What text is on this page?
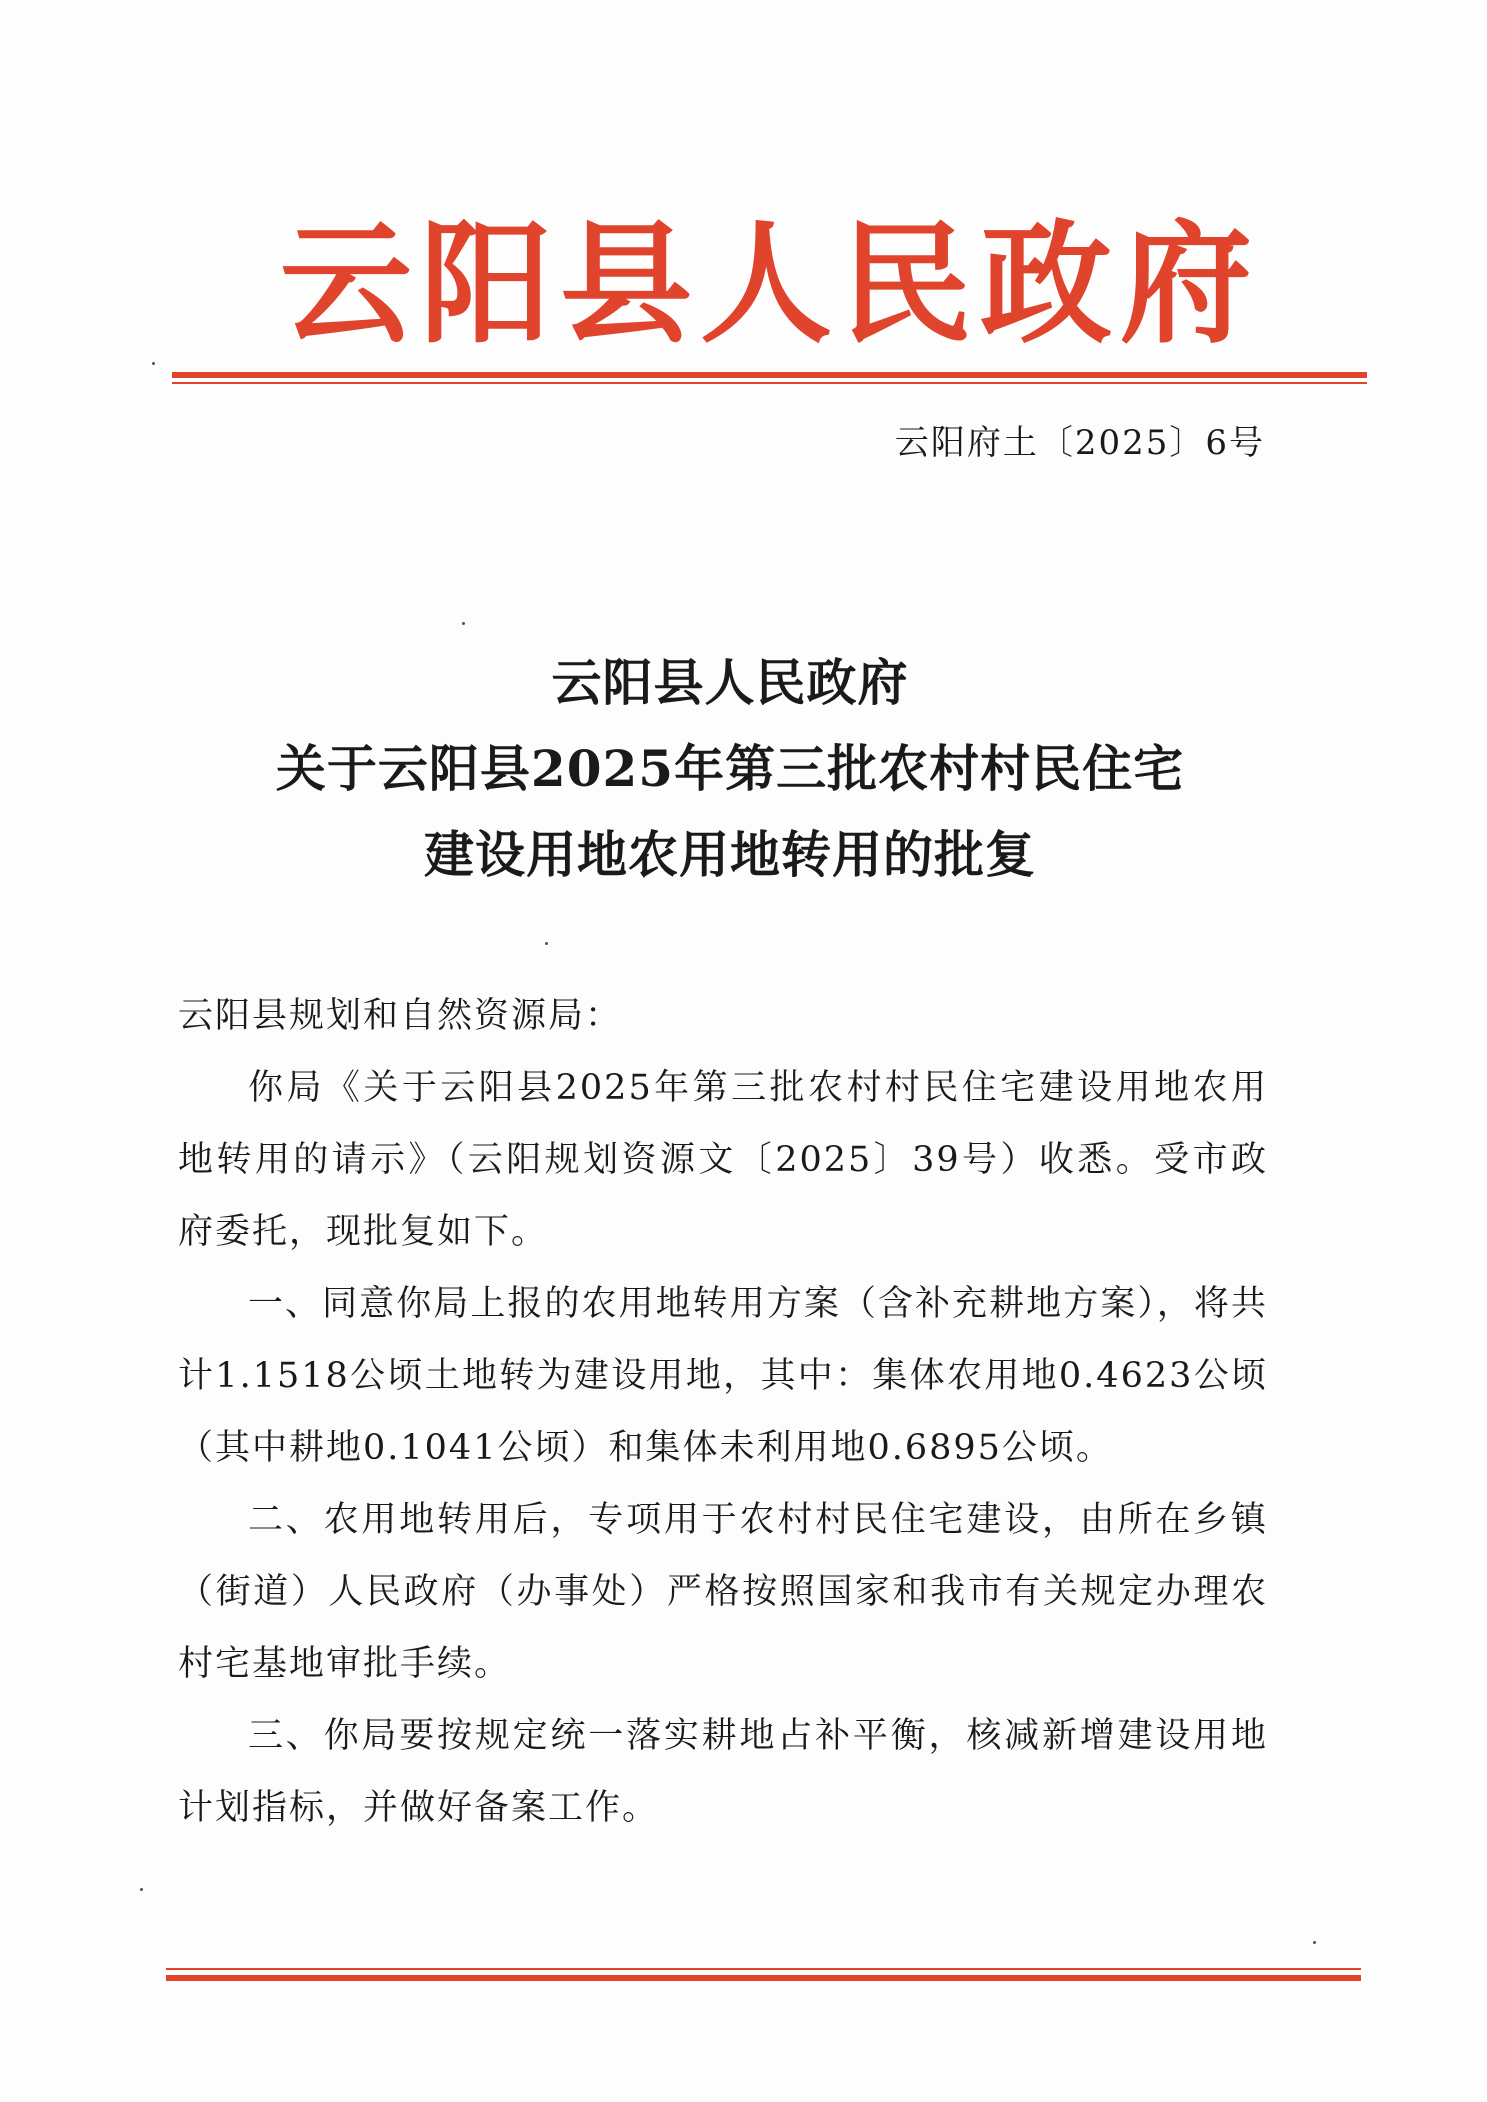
云阳县人民政府
云阳府土〔2025〕6号
云阳县人民政府
关于云阳县2025年第三批农村村民住宅
建设用地农用地转用的批复

云阳县规划和自然资源局：

你局《关于云阳县2025年第三批农村村民住宅建设用地农用地转用的请示》（云阳规划资源文〔2025〕39号）收悉。受市政府委托，现批复如下。

一、同意你局上报的农用地转用方案（含补充耕地方案），将共计1.1518公顷土地转为建设用地，其中：集体农用地0.4623公顷（其中耕地0.1041公顷）和集体未利用地0.6895公顷。

二、农用地转用后，专项用于农村村民住宅建设，由所在乡镇（街道）人民政府（办事处）严格按照国家和我市有关规定办理农村宅基地审批手续。

三、你局要按规定统一落实耕地占补平衡，核减新增建设用地计划指标，并做好备案工作。
